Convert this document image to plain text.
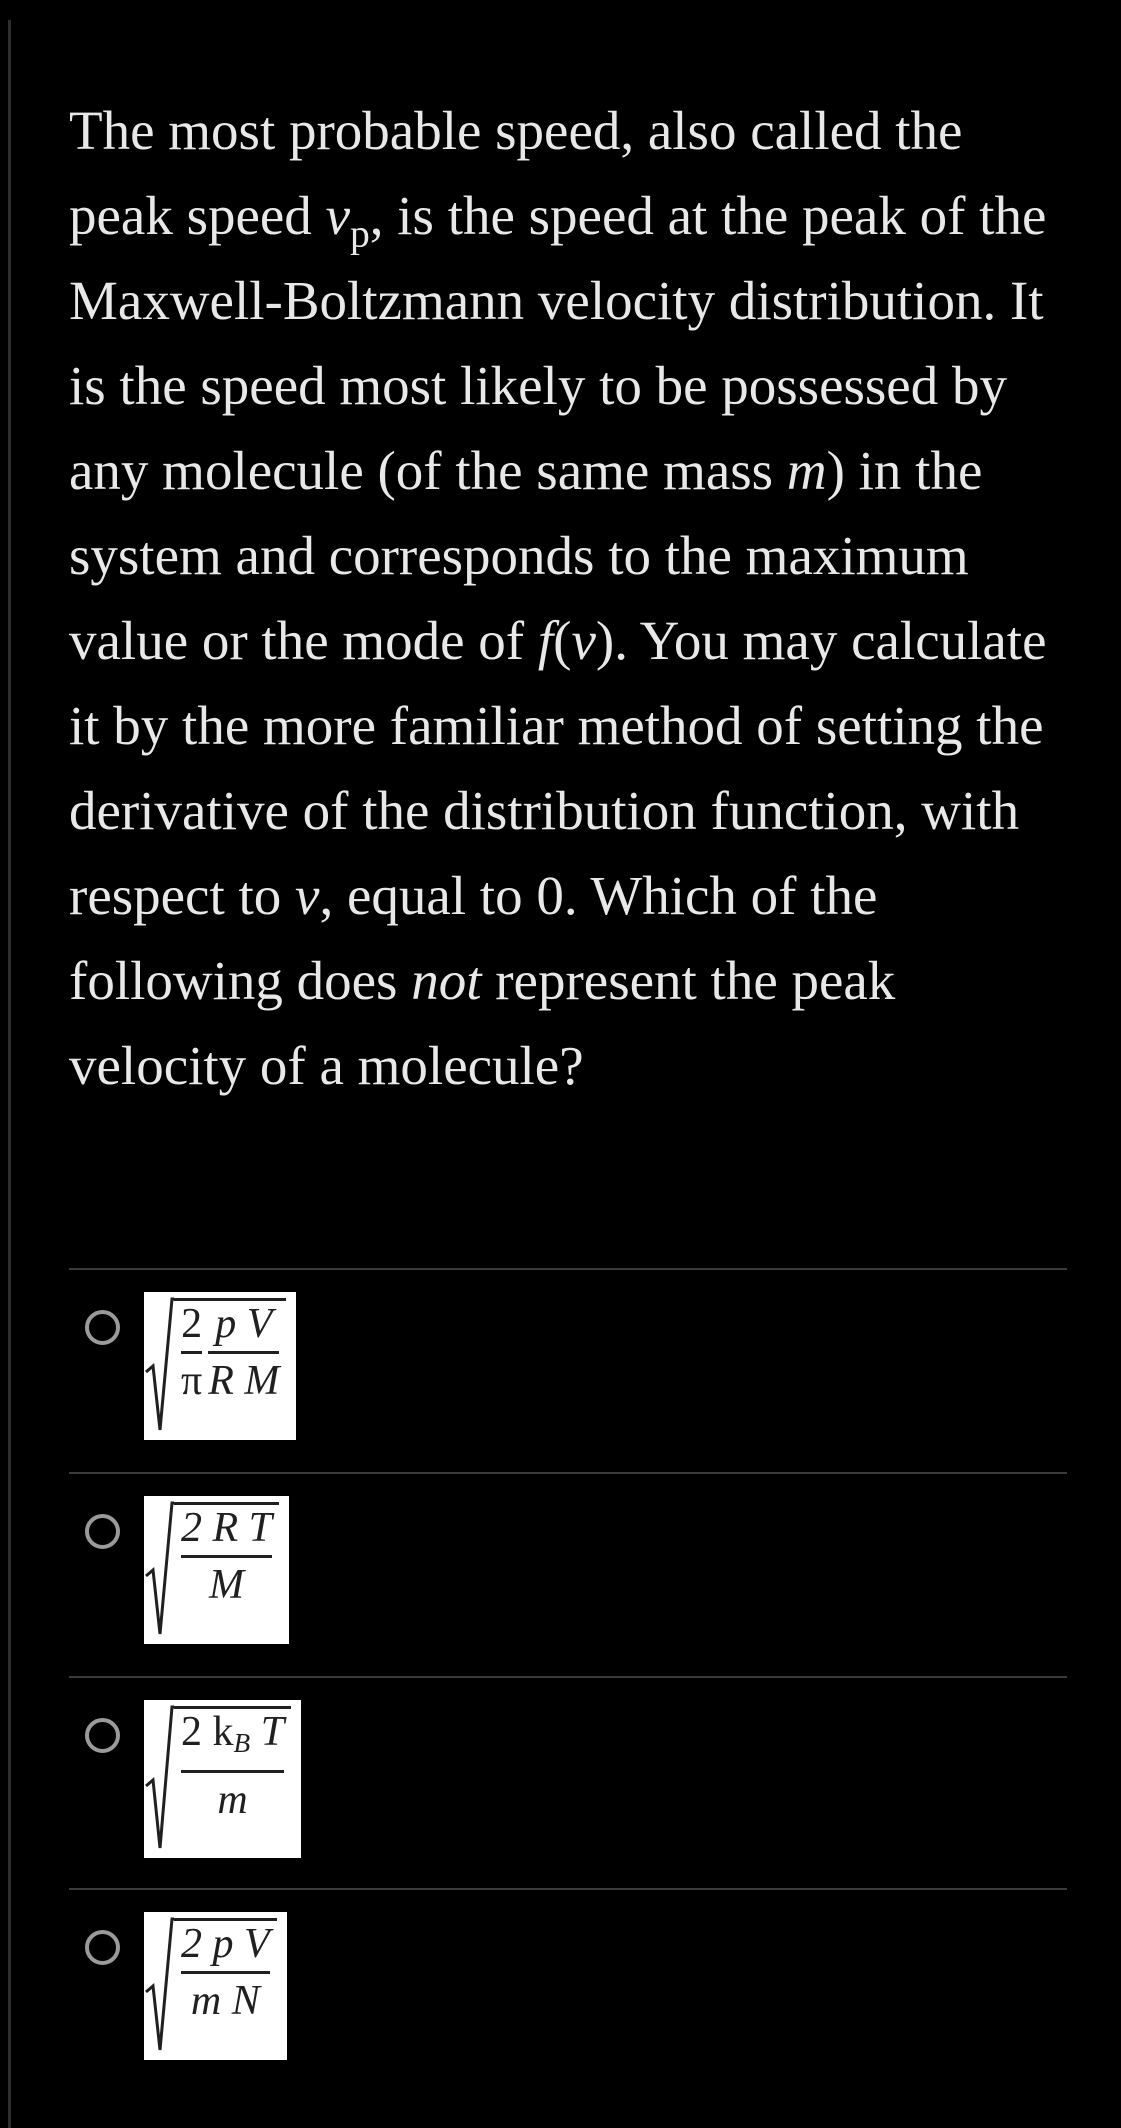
The most probable speed, also called the peak speed $v_p$, is the speed at the peak of the Maxwell-Boltzmann velocity distribution. It is the speed most likely to be possessed by any molecule (of the same mass m) in the system and corresponds to the maximum value or the mode of f(v). You may calculate it by the more familiar method of setting the derivative of the distribution function, with respect to v, equal to 0. Which of the following does not represent the peak velocity of a molecule?

$\frac{2}{\pi} \frac{\text{p V}}{\text{R M}}$
$\frac{\text{2 R T}}{M}$
$\frac{\text{2 kB T}}{m}$
$\frac{\text{2 p V}}{\text{m N}}$
